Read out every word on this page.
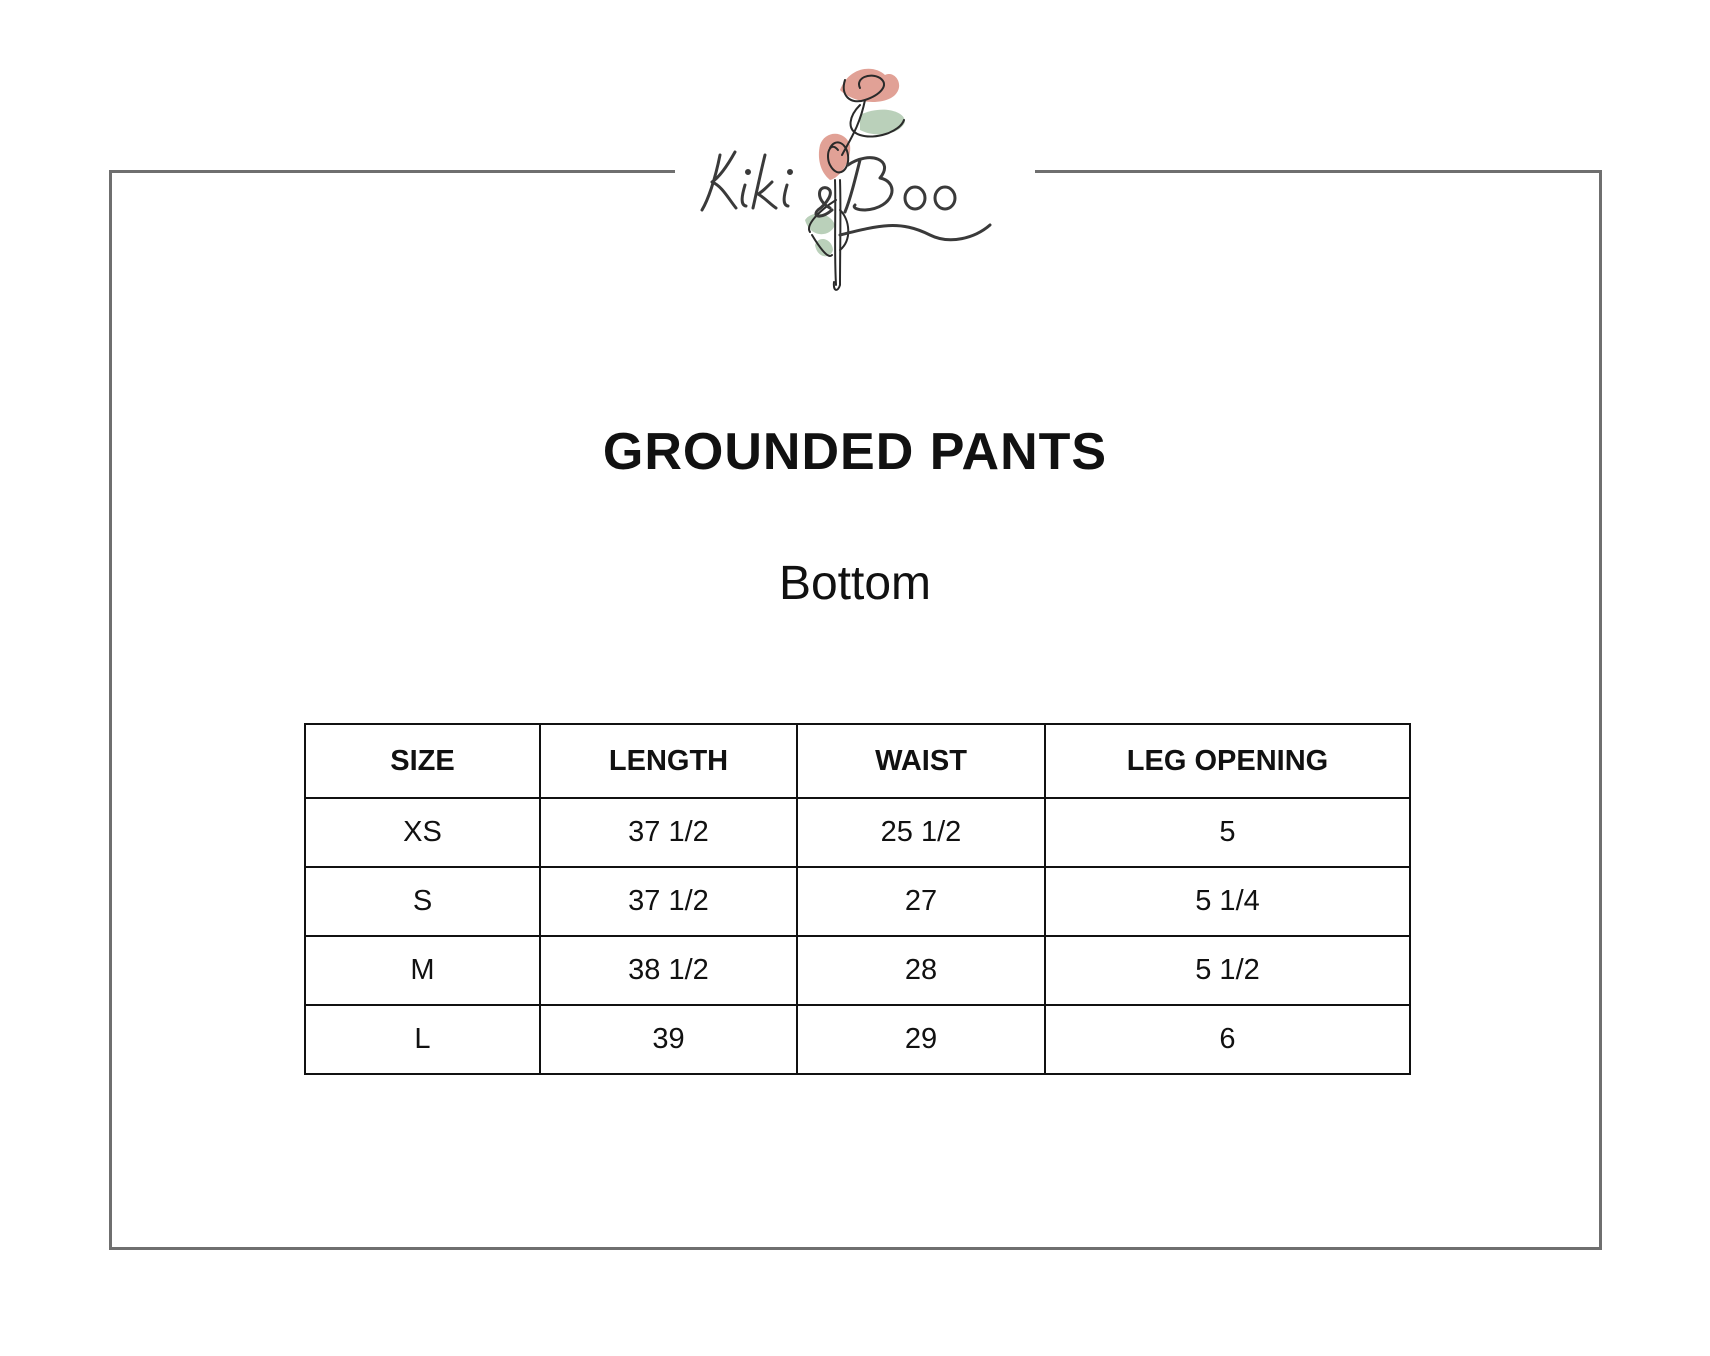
GROUNDED PANTS
Bottom
SIZE	LENGTH	WAIST	LEG OPENING
XS	37 1/2	25 1/2	5
S	37 1/2	27	5 1/4
M	38 1/2	28	5 1/2
L	39	29	6
